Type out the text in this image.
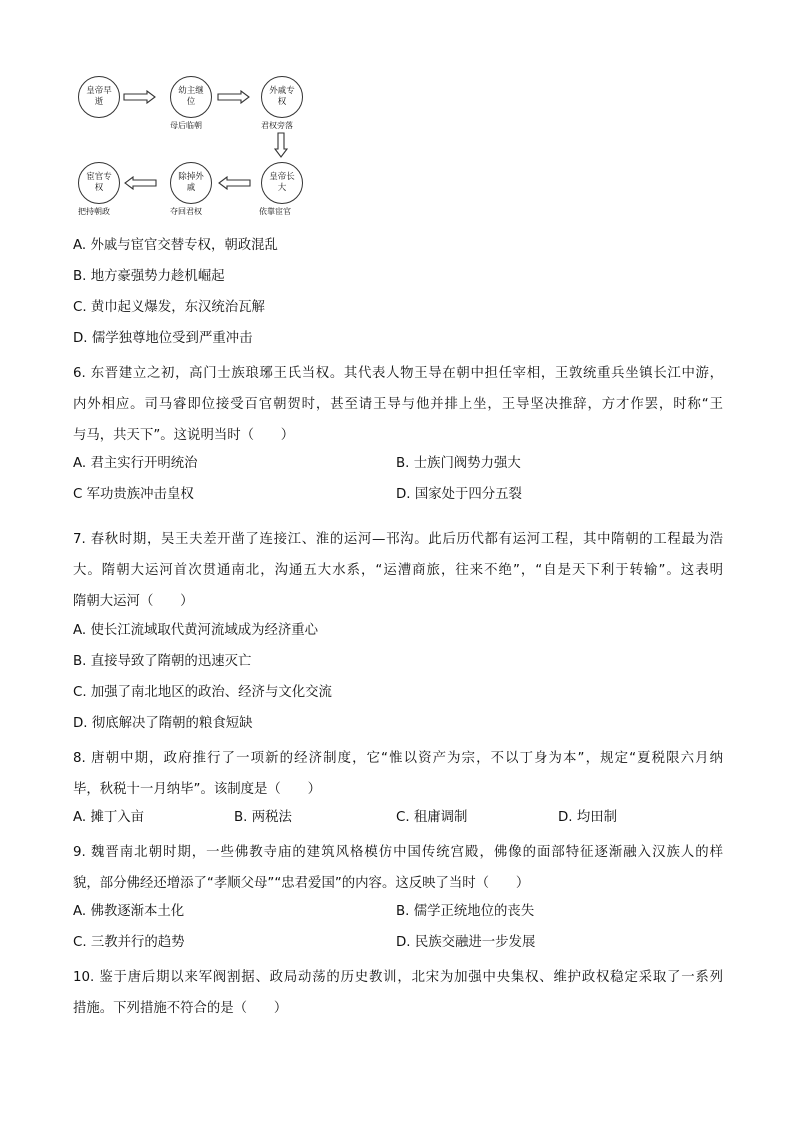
皇帝早逝
幼主继位
母后临朝
外戚专权
君权旁落
皇帝长大
依靠宦官
除掉外戚
夺回君权
宦官专权
把持朝政
A. 外戚与宦官交替专权，朝政混乱
B. 地方豪强势力趁机崛起
C. 黄巾起义爆发，东汉统治瓦解
D. 儒学独尊地位受到严重冲击
6. 东晋建立之初，高门士族琅琊王氏当权。其代表人物王导在朝中担任宰相，王敦统重兵坐镇长江中游，
内外相应。司马睿即位接受百官朝贺时，甚至请王导与他并排上坐，王导坚决推辞，方才作罢，时称“王
与马，共天下”。这说明当时（　　）
A. 君主实行开明统治	B. 士族门阀势力强大
C 军功贵族冲击皇权	D. 国家处于四分五裂
7. 春秋时期，吴王夫差开凿了连接江、淮的运河—邗沟。此后历代都有运河工程，其中隋朝的工程最为浩
大。隋朝大运河首次贯通南北，沟通五大水系，“运漕商旅，往来不绝”，“自是天下利于转输”。这表明
隋朝大运河（　　）
A. 使长江流域取代黄河流域成为经济重心
B. 直接导致了隋朝的迅速灭亡
C. 加强了南北地区的政治、经济与文化交流
D. 彻底解决了隋朝的粮食短缺
8. 唐朝中期，政府推行了一项新的经济制度，它“惟以资产为宗，不以丁身为本”，规定“夏税限六月纳
毕，秋税十一月纳毕”。该制度是（　　）
A. 摊丁入亩	B. 两税法	C. 租庸调制	D. 均田制
9. 魏晋南北朝时期，一些佛教寺庙的建筑风格模仿中国传统宫殿，佛像的面部特征逐渐融入汉族人的样
貌，部分佛经还增添了“孝顺父母”“忠君爱国”的内容。这反映了当时（　　）
A. 佛教逐渐本土化	B. 儒学正统地位的丧失
C. 三教并行的趋势	D. 民族交融进一步发展
10. 鉴于唐后期以来军阀割据、政局动荡的历史教训，北宋为加强中央集权、维护政权稳定采取了一系列
措施。下列措施不符合的是（　　）
